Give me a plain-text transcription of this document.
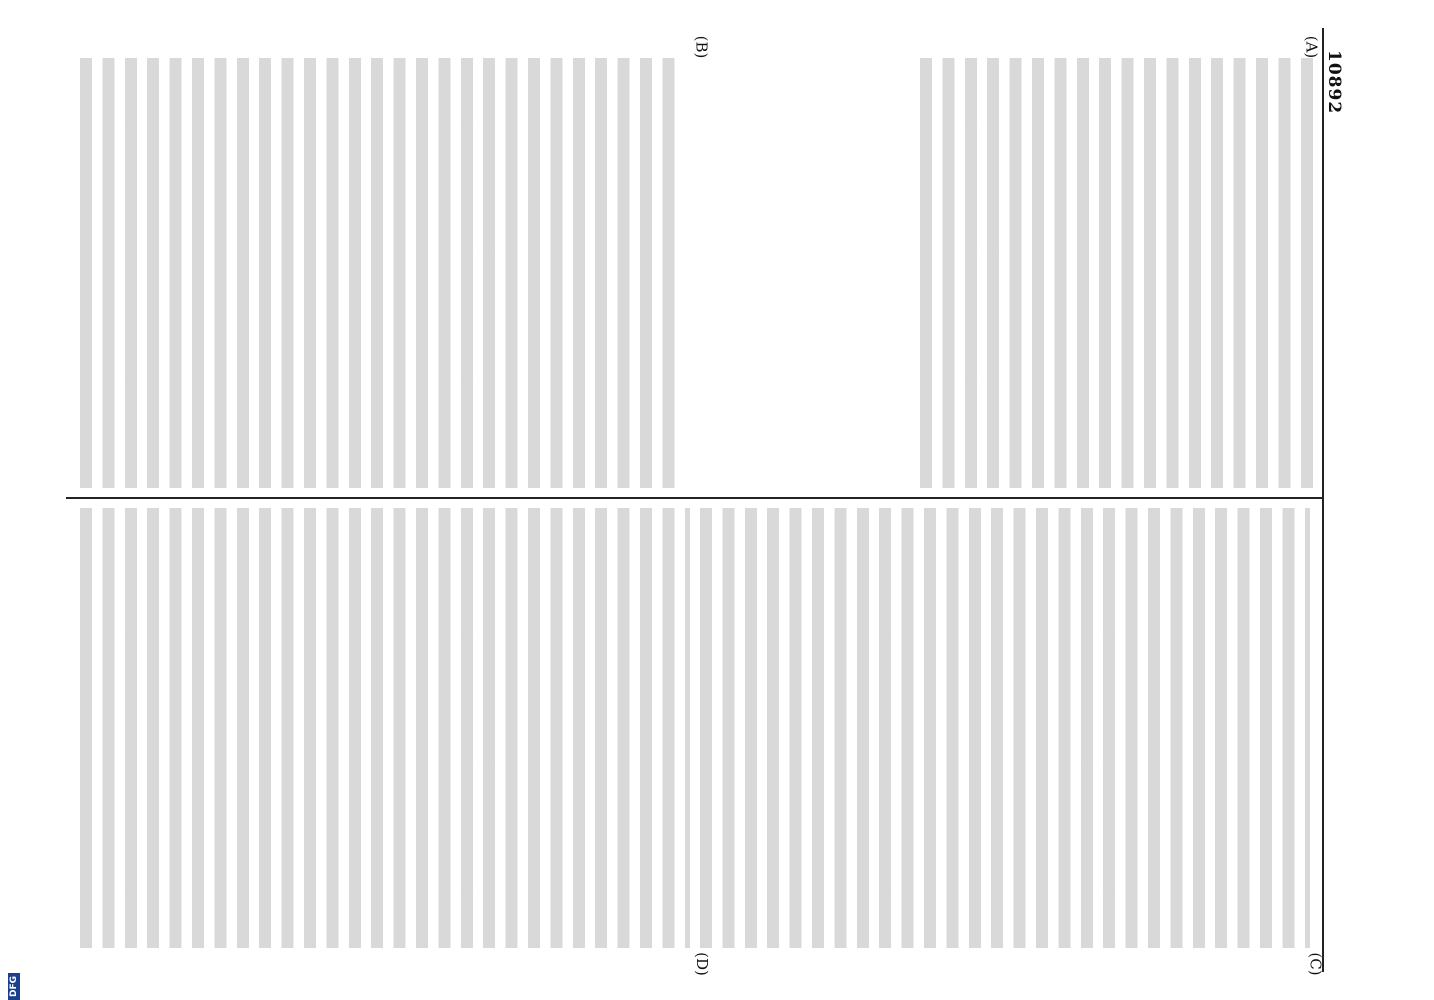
10892
(A)
(B)
(C)
(D)

DFG
